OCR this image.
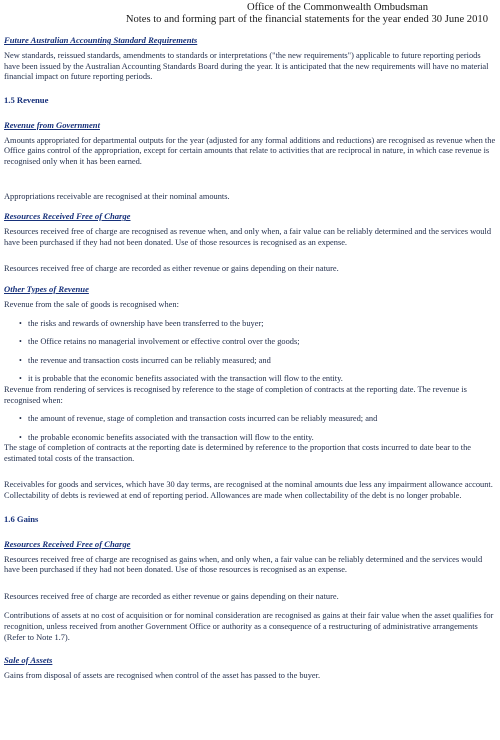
Office of the Commonwealth Ombudsman
Notes to and forming part of the financial statements for the year ended 30 June 2010
Future Australian Accounting Standard Requirements

New standards, reissued standards, amendments to standards or interpretations ("the new requirements") applicable to future reporting periods have been issued by the Australian Accounting Standards Board during the year. It is anticipated that the new requirements will have no material financial impact on future reporting periods.

1.5 Revenue
Revenue from Government

Amounts appropriated for departmental outputs for the year (adjusted for any formal additions and reductions) are recognised as revenue when the Office gains control of the appropriation, except for certain amounts that relate to activities that are reciprocal in nature, in which case revenue is recognised only when it has been earned.

Appropriations receivable are recognised at their nominal amounts.

Resources Received Free of Charge

Resources received free of charge are recognised as revenue when, and only when, a fair value can be reliably determined and the services would have been purchased if they had not been donated. Use of those resources is recognised as an expense.

Resources received free of charge are recorded as either revenue or gains depending on their nature.

Other Types of Revenue

Revenue from the sale of goods is recognised when:

• the risks and rewards of ownership have been transferred to the buyer;
• the Office retains no managerial involvement or effective control over the goods;
• the revenue and transaction costs incurred can be reliably measured; and
• it is probable that the economic benefits associated with the transaction will flow to the entity.

Revenue from rendering of services is recognised by reference to the stage of completion of contracts at the reporting date. The revenue is recognised when:

• the amount of revenue, stage of completion and transaction costs incurred can be reliably measured; and
• the probable economic benefits associated with the transaction will flow to the entity.

The stage of completion of contracts at the reporting date is determined by reference to the proportion that costs incurred to date bear to the estimated total costs of the transaction.

Receivables for goods and services, which have 30 day terms, are recognised at the nominal amounts due less any impairment allowance account. Collectability of debts is reviewed at end of reporting period. Allowances are made when collectability of the debt is no longer probable.

1.6 Gains
Resources Received Free of Charge

Resources received free of charge are recognised as gains when, and only when, a fair value can be reliably determined and the services would have been purchased if they had not been donated. Use of those resources is recognised as an expense.

Resources received free of charge are recorded as either revenue or gains depending on their nature.

Contributions of assets at no cost of acquisition or for nominal consideration are recognised as gains at their fair value when the asset qualifies for recognition, unless received from another Government Office or authority as a consequence of a restructuring of administrative arrangements (Refer to Note 1.7).

Sale of Assets

Gains from disposal of assets are recognised when control of the asset has passed to the buyer.
